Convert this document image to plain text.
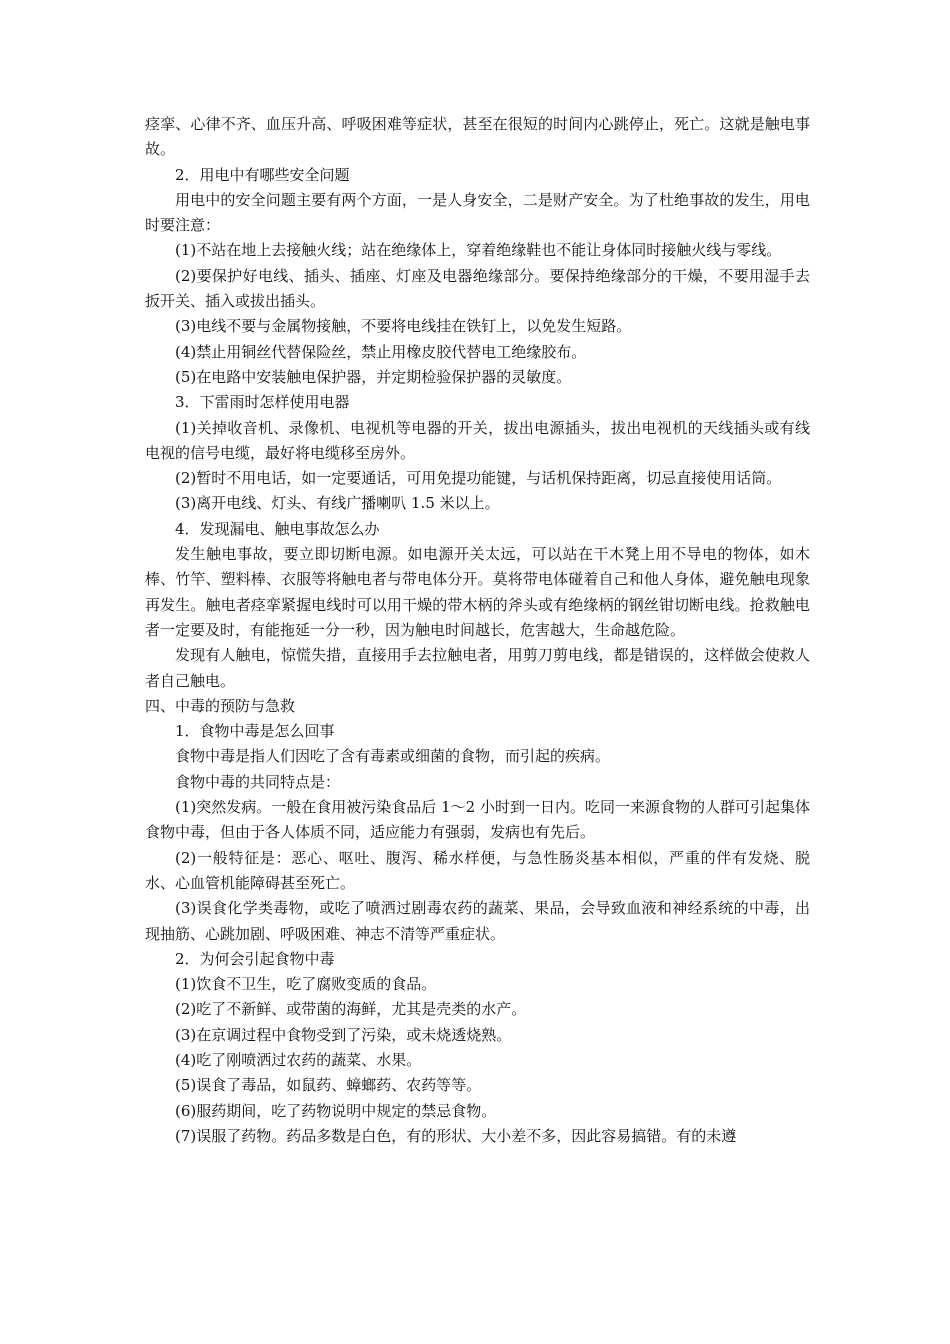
痉挛、心律不齐、血压升高、呼吸困难等症状，甚至在很短的时间内心跳停止，死亡。这就是触电事故。

2．用电中有哪些安全问题

用电中的安全问题主要有两个方面，一是人身安全，二是财产安全。为了杜绝事故的发生，用电时要注意：

(1)不站在地上去接触火线；站在绝缘体上，穿着绝缘鞋也不能让身体同时接触火线与零线。

(2)要保护好电线、插头、插座、灯座及电器绝缘部分。要保持绝缘部分的干燥，不要用湿手去扳开关、插入或拔出插头。

(3)电线不要与金属物接触，不要将电线挂在铁钉上，以免发生短路。

(4)禁止用铜丝代替保险丝，禁止用橡皮胶代替电工绝缘胶布。

(5)在电路中安装触电保护器，并定期检验保护器的灵敏度。

3．下雷雨时怎样使用电器

(1)关掉收音机、录像机、电视机等电器的开关，拔出电源插头，拔出电视机的天线插头或有线电视的信号电缆，最好将电缆移至房外。

(2)暂时不用电话，如一定要通话，可用免提功能键，与话机保持距离，切忌直接使用话筒。

(3)离开电线、灯头、有线广播喇叭 1.5 米以上。

4．发现漏电、触电事故怎么办

发生触电事故，要立即切断电源。如电源开关太远，可以站在干木凳上用不导电的物体，如木棒、竹竿、塑料棒、衣服等将触电者与带电体分开。莫将带电体碰着自己和他人身体，避免触电现象再发生。触电者痉挛紧握电线时可以用干燥的带木柄的斧头或有绝缘柄的钢丝钳切断电线。抢救触电者一定要及时，有能拖延一分一秒，因为触电时间越长，危害越大，生命越危险。

发现有人触电，惊慌失措，直接用手去拉触电者，用剪刀剪电线，都是错误的，这样做会使救人者自己触电。

四、中毒的预防与急救

1．食物中毒是怎么回事

食物中毒是指人们因吃了含有毒素或细菌的食物，而引起的疾病。

食物中毒的共同特点是：

(1)突然发病。一般在食用被污染食品后 1～2 小时到一日内。吃同一来源食物的人群可引起集体食物中毒，但由于各人体质不同，适应能力有强弱，发病也有先后。

(2)一般特征是：恶心、呕吐、腹泻、稀水样便，与急性肠炎基本相似，严重的伴有发烧、脱水、心血管机能障碍甚至死亡。

(3)误食化学类毒物，或吃了喷洒过剧毒农药的蔬菜、果品，会导致血液和神经系统的中毒，出现抽筋、心跳加剧、呼吸困难、神志不清等严重症状。

2．为何会引起食物中毒

(1)饮食不卫生，吃了腐败变质的食品。

(2)吃了不新鲜、或带菌的海鲜，尤其是壳类的水产。

(3)在京调过程中食物受到了污染，或未烧透烧熟。

(4)吃了刚喷洒过农药的蔬菜、水果。

(5)误食了毒品，如鼠药、蟑螂药、农药等等。

(6)服药期间，吃了药物说明中规定的禁忌食物。

(7)误服了药物。药品多数是白色，有的形状、大小差不多，因此容易搞错。有的未遵
